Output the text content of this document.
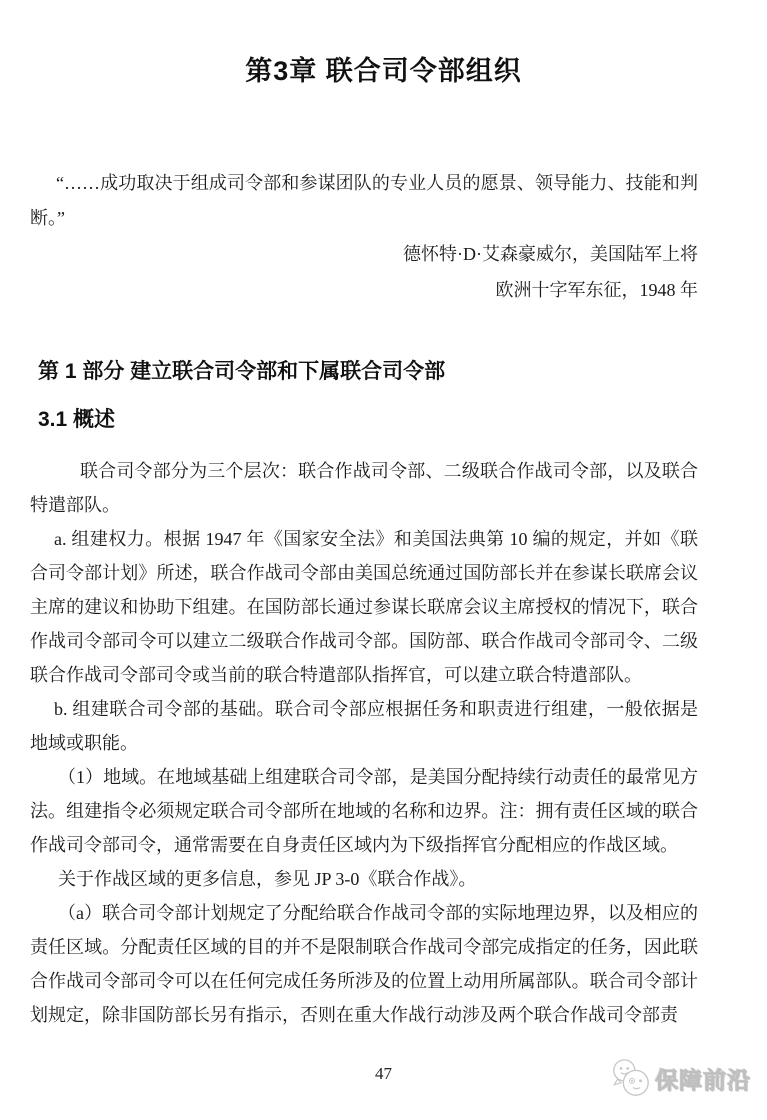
第3章 联合司令部组织

“……成功取决于组成司令部和参谋团队的专业人员的愿景、领导能力、技能和判断。”

德怀特·D·艾森豪威尔，美国陆军上将

欧洲十字军东征，1948 年

第 1 部分 建立联合司令部和下属联合司令部
3.1 概述

联合司令部分为三个层次：联合作战司令部、二级联合作战司令部，以及联合特遣部队。

a. 组建权力。根据 1947 年《国家安全法》和美国法典第 10 编的规定，并如《联合司令部计划》所述，联合作战司令部由美国总统通过国防部长并在参谋长联席会议主席的建议和协助下组建。在国防部长通过参谋长联席会议主席授权的情况下，联合作战司令部司令可以建立二级联合作战司令部。国防部、联合作战司令部司令、二级联合作战司令部司令或当前的联合特遣部队指挥官，可以建立联合特遣部队。

b. 组建联合司令部的基础。联合司令部应根据任务和职责进行组建，一般依据是地域或职能。

（1）地域。在地域基础上组建联合司令部，是美国分配持续行动责任的最常见方法。组建指令必须规定联合司令部所在地域的名称和边界。注：拥有责任区域的联合作战司令部司令，通常需要在自身责任区域内为下级指挥官分配相应的作战区域。

关于作战区域的更多信息，参见 JP 3-0《联合作战》。

（a）联合司令部计划规定了分配给联合作战司令部的实际地理边界，以及相应的责任区域。分配责任区域的目的并不是限制联合作战司令部完成指定的任务，因此联合作战司令部司令可以在任何完成任务所涉及的位置上动用所属部队。联合司令部计划规定，除非国防部长另有指示，否则在重大作战行动涉及两个联合作战司令部责

47	保障前沿
